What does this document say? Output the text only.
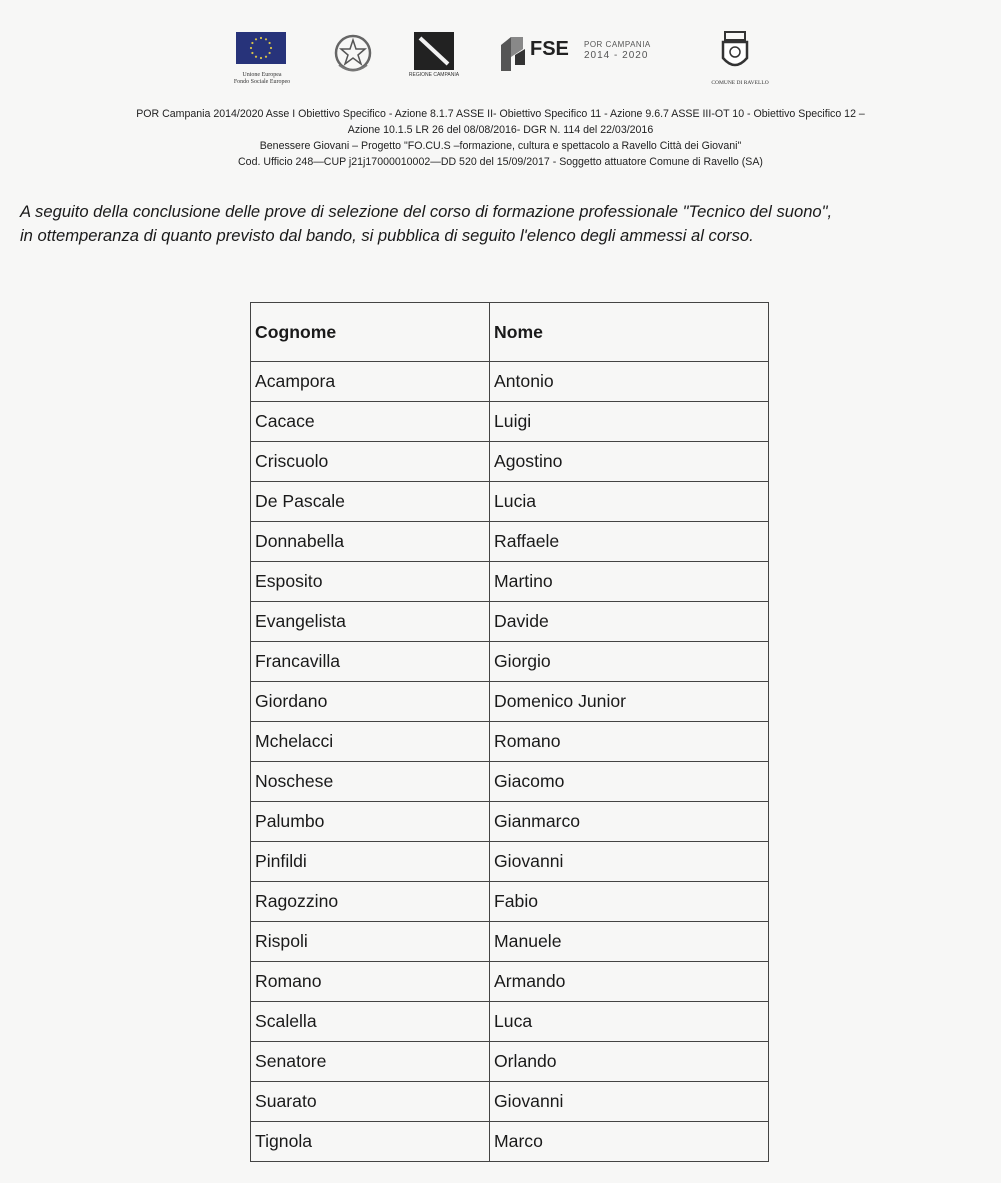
Unione Europea
Fondo Sociale Europeo
REGIONE CAMPANIA
FSE POR CAMPANIA
2014 - 2020
COMUNE DI RAVELLO
POR Campania 2014/2020 Asse I Obiettivo Specifico - Azione 8.1.7 ASSE II- Obiettivo Specifico 11 - Azione 9.6.7 ASSE III-OT 10 - Obiettivo Specifico 12 –
Azione 10.1.5 LR 26 del 08/08/2016- DGR N. 114 del 22/03/2016
Benessere Giovani – Progetto "FO.CU.S –formazione, cultura e spettacolo a Ravello Città dei Giovani"
Cod. Ufficio 248—CUP j21j17000010002—DD 520 del 15/09/2017 - Soggetto attuatore Comune di Ravello (SA)
A seguito della conclusione delle prove di selezione del corso di formazione professionale "Tecnico del suono",
in ottemperanza di quanto previsto dal bando, si pubblica di seguito l'elenco degli ammessi al corso.
Cognome	Nome
Acampora	Antonio
Cacace	Luigi
Criscuolo	Agostino
De Pascale	Lucia
Donnabella	Raffaele
Esposito	Martino
Evangelista	Davide
Francavilla	Giorgio
Giordano	Domenico Junior
Mchelacci	Romano
Noschese	Giacomo
Palumbo	Gianmarco
Pinfildi	Giovanni
Ragozzino	Fabio
Rispoli	Manuele
Romano	Armando
Scalella	Luca
Senatore	Orlando
Suarato	Giovanni
Tignola	Marco
